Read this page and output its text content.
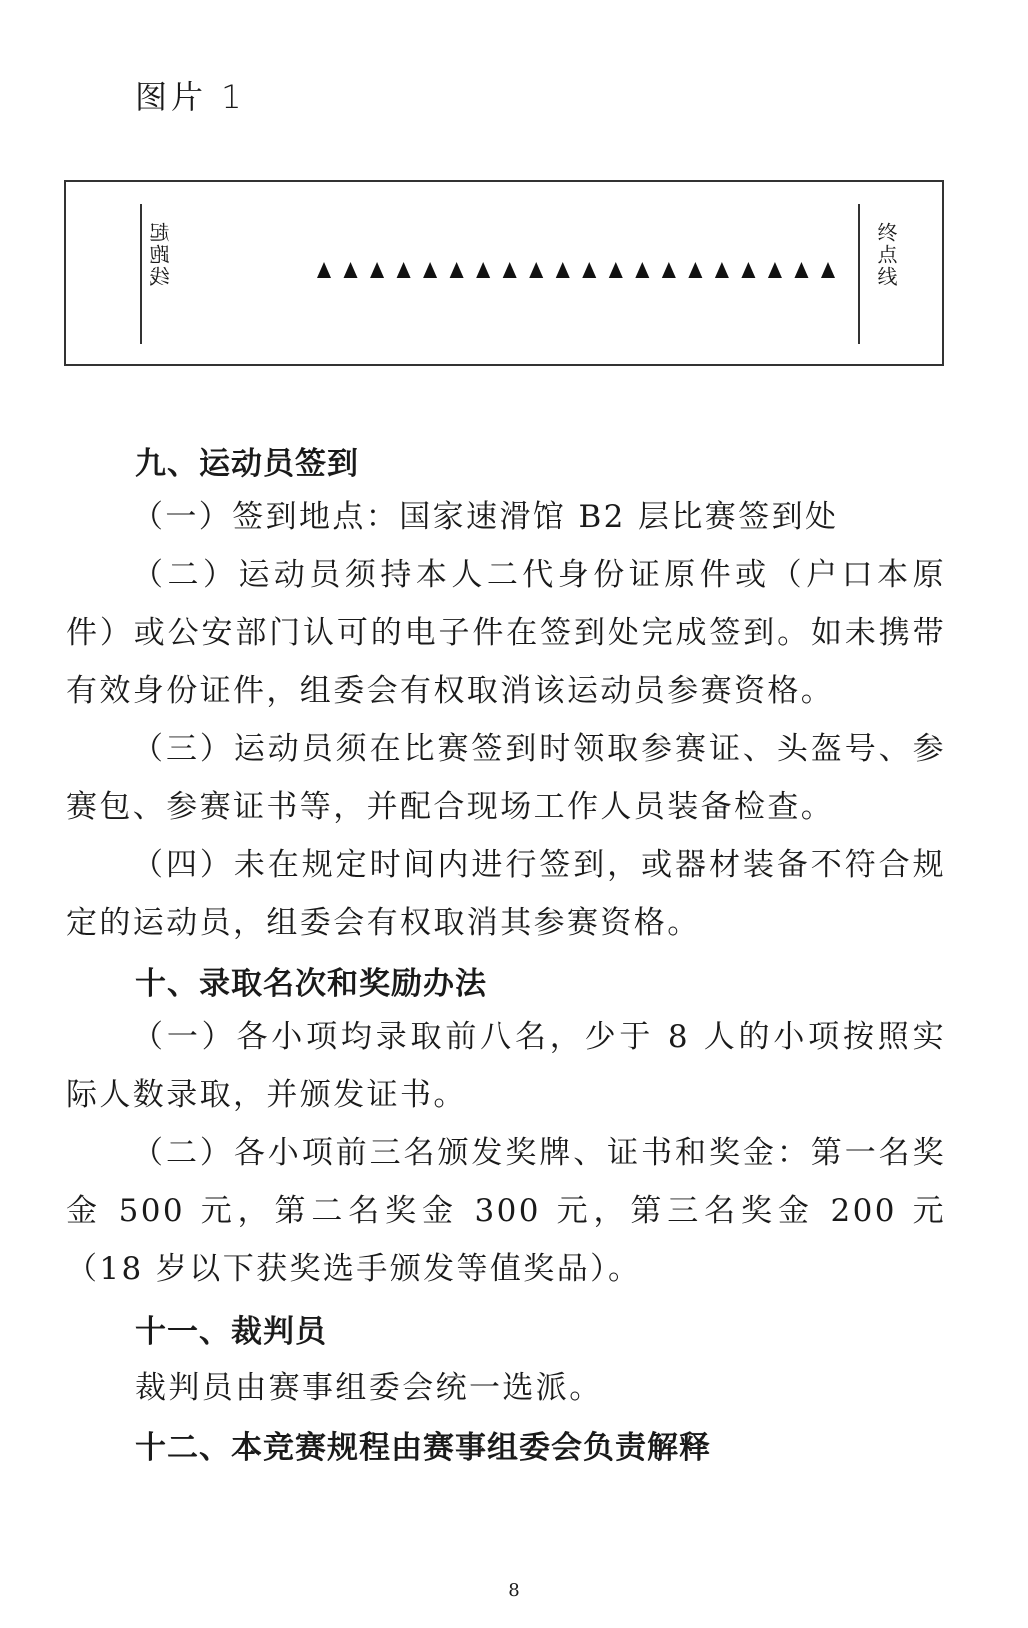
图片 1
起跑线	终点线
九、运动员签到
（一）签到地点：国家速滑馆 B2 层比赛签到处
（二）运动员须持本人二代身份证原件或（户口本原件）或公安部门认可的电子件在签到处完成签到。如未携带有效身份证件，组委会有权取消该运动员参赛资格。
（三）运动员须在比赛签到时领取参赛证、头盔号、参赛包、参赛证书等，并配合现场工作人员装备检查。
（四）未在规定时间内进行签到，或器材装备不符合规定的运动员，组委会有权取消其参赛资格。
十、录取名次和奖励办法
（一）各小项均录取前八名，少于 8 人的小项按照实际人数录取，并颁发证书。
（二）各小项前三名颁发奖牌、证书和奖金：第一名奖金 500 元，第二名奖金 300 元，第三名奖金 200 元（18 岁以下获奖选手颁发等值奖品）。
十一、裁判员
裁判员由赛事组委会统一选派。
十二、本竞赛规程由赛事组委会负责解释
8
